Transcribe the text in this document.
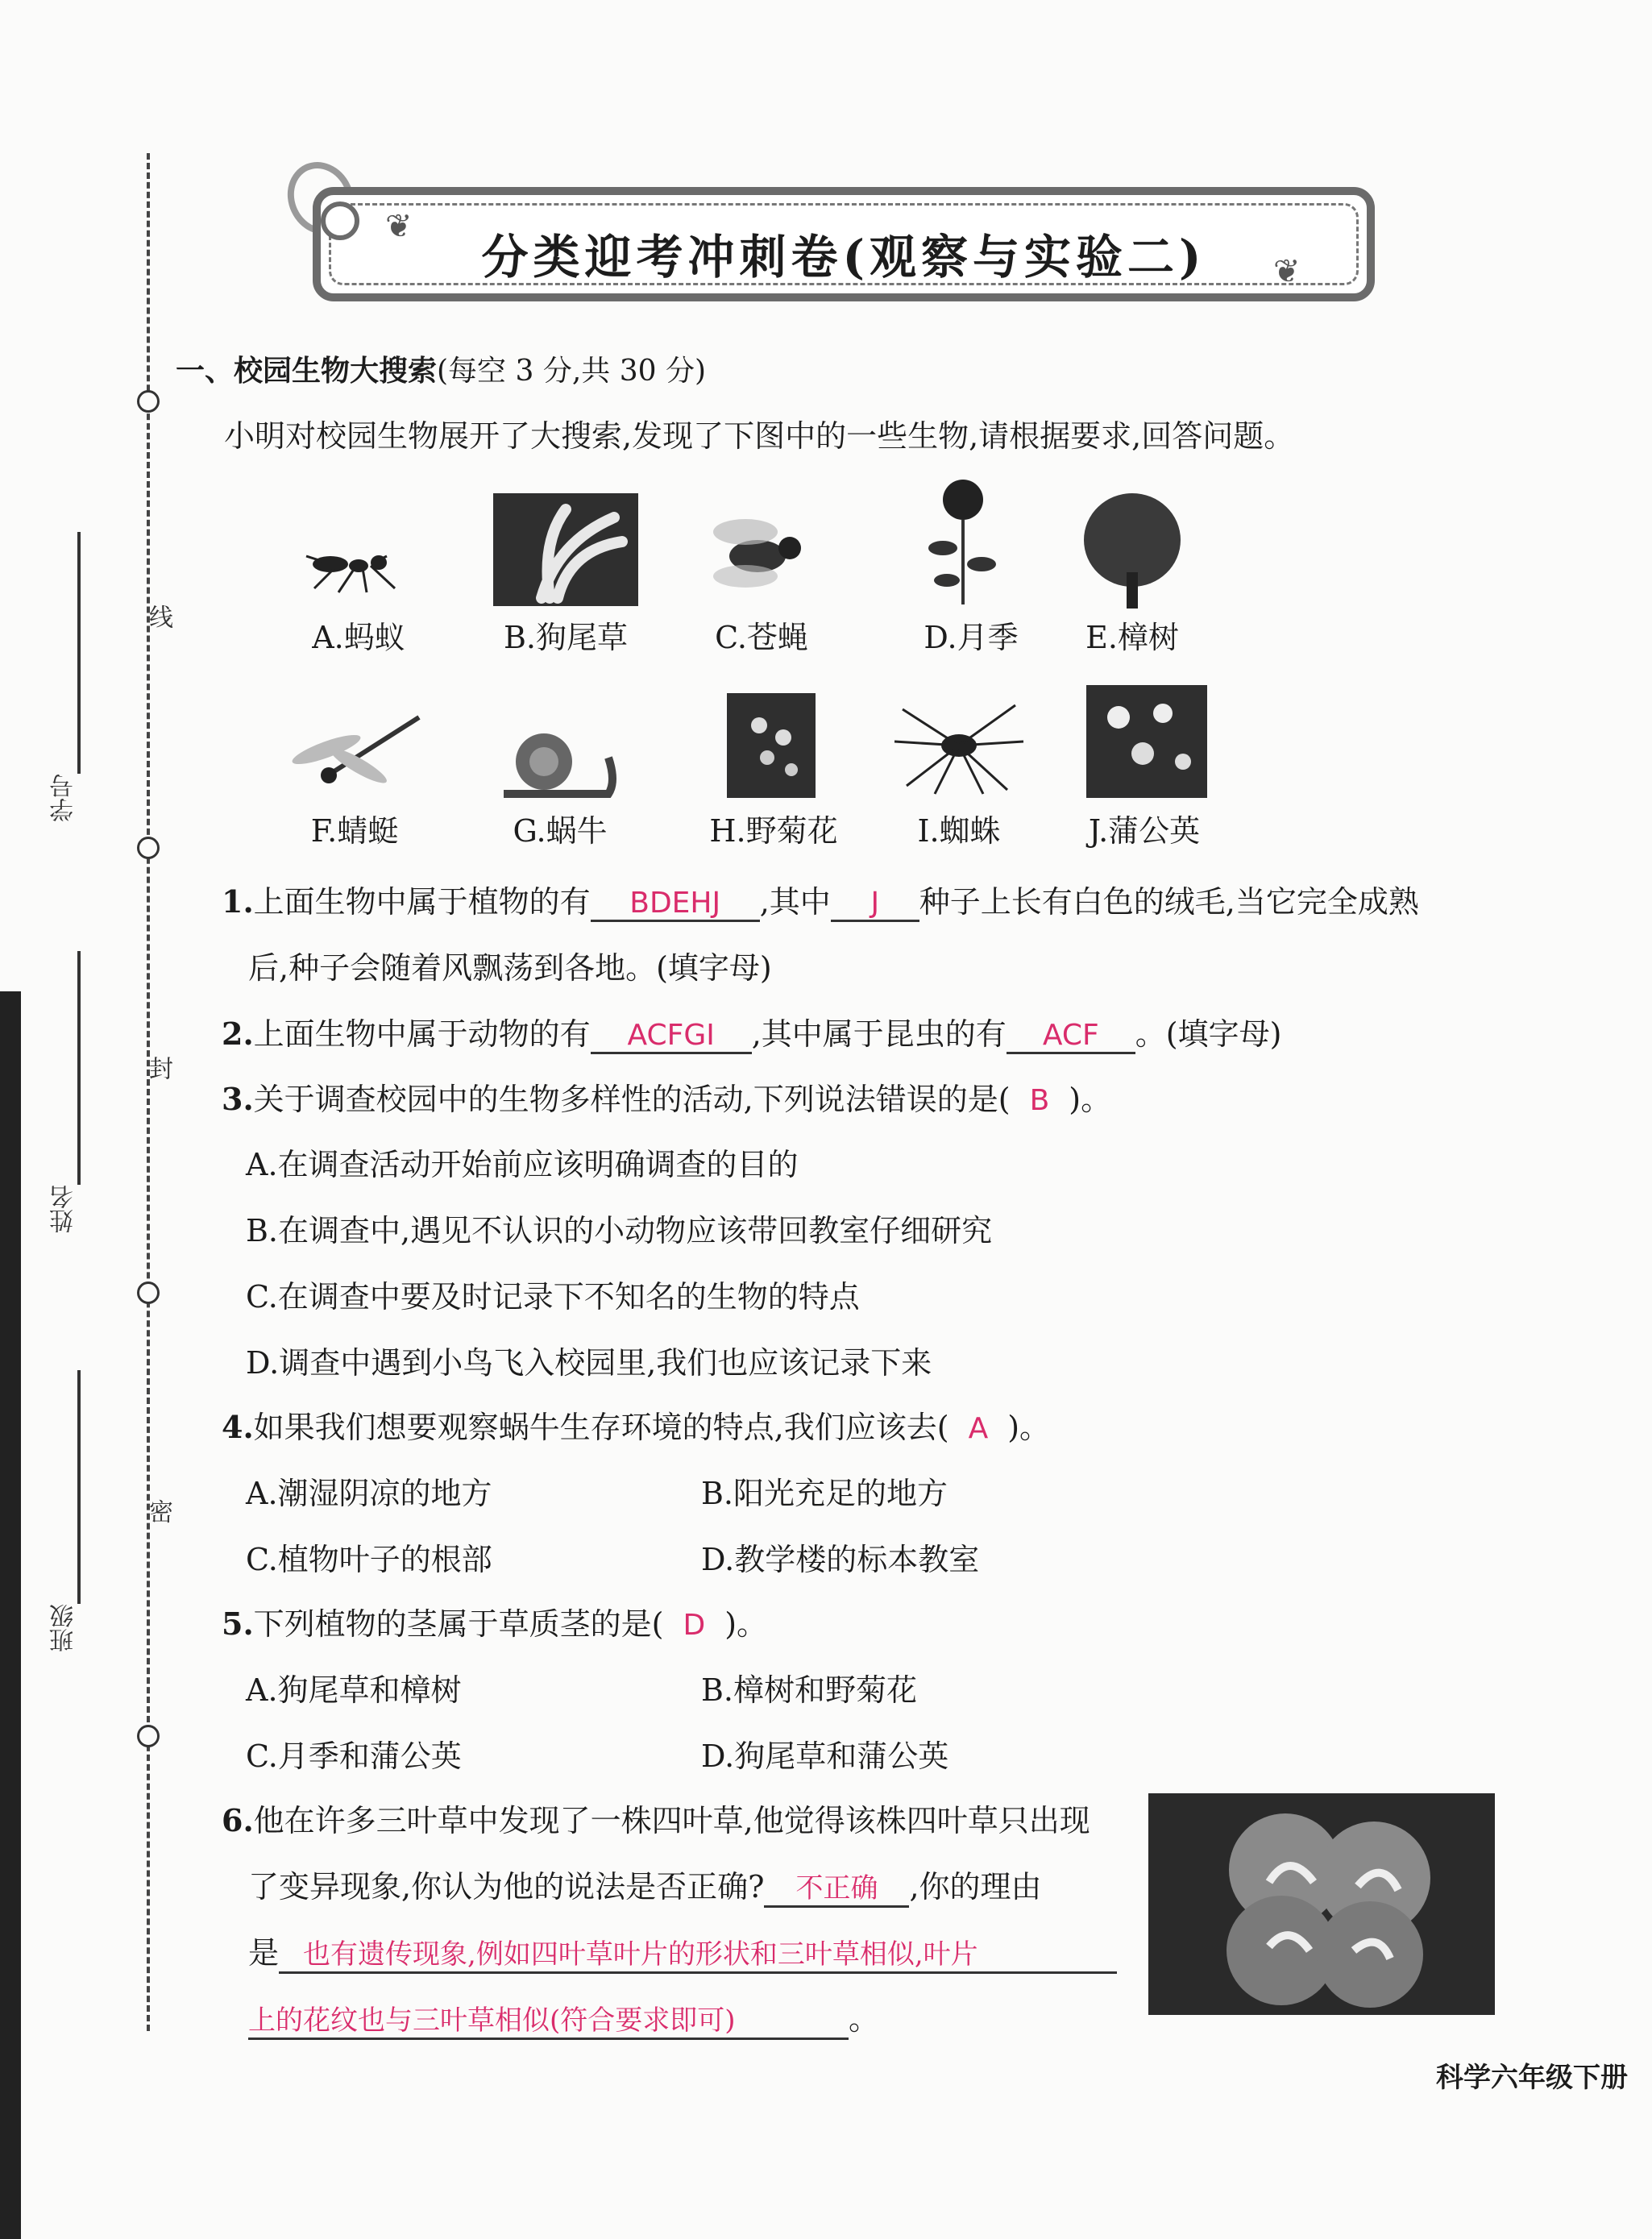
线
封
密
学号
姓名
班级
分类迎考冲刺卷(观察与实验二)
❦
❦
一、校园生物大搜索(每空 3 分,共 30 分)
小明对校园生物展开了大搜索,发现了下图中的一些生物,请根据要求,回答问题。
A.蚂蚁	B.狗尾草	C.苍蝇	D.月季	E.樟树
F.蜻蜓	G.蜗牛	H.野菊花	I.蜘蛛	J.蒲公英
1.上面生物中属于植物的有 BDEHJ ,其中 J 种子上长有白色的绒毛,当它完全成熟
后,种子会随着风飘荡到各地。(填字母)
2.上面生物中属于动物的有 ACFGI ,其中属于昆虫的有 ACF 。(填字母)
3.关于调查校园中的生物多样性的活动,下列说法错误的是( B )。
A.在调查活动开始前应该明确调查的目的
B.在调查中,遇见不认识的小动物应该带回教室仔细研究
C.在调查中要及时记录下不知名的生物的特点
D.调查中遇到小鸟飞入校园里,我们也应该记录下来
4.如果我们想要观察蜗牛生存环境的特点,我们应该去( A )。
A.潮湿阴凉的地方	B.阳光充足的地方
C.植物叶子的根部	D.教学楼的标本教室
5.下列植物的茎属于草质茎的是( D )。
A.狗尾草和樟树	B.樟树和野菊花
C.月季和蒲公英	D.狗尾草和蒲公英
6.他在许多三叶草中发现了一株四叶草,他觉得该株四叶草只出现
了变异现象,你认为他的说法是否正确? 不正确 ,你的理由
是 也有遗传现象,例如四叶草叶片的形状和三叶草相似,叶片
上的花纹也与三叶草相似(符合要求即可)	。
科学六年级下册
